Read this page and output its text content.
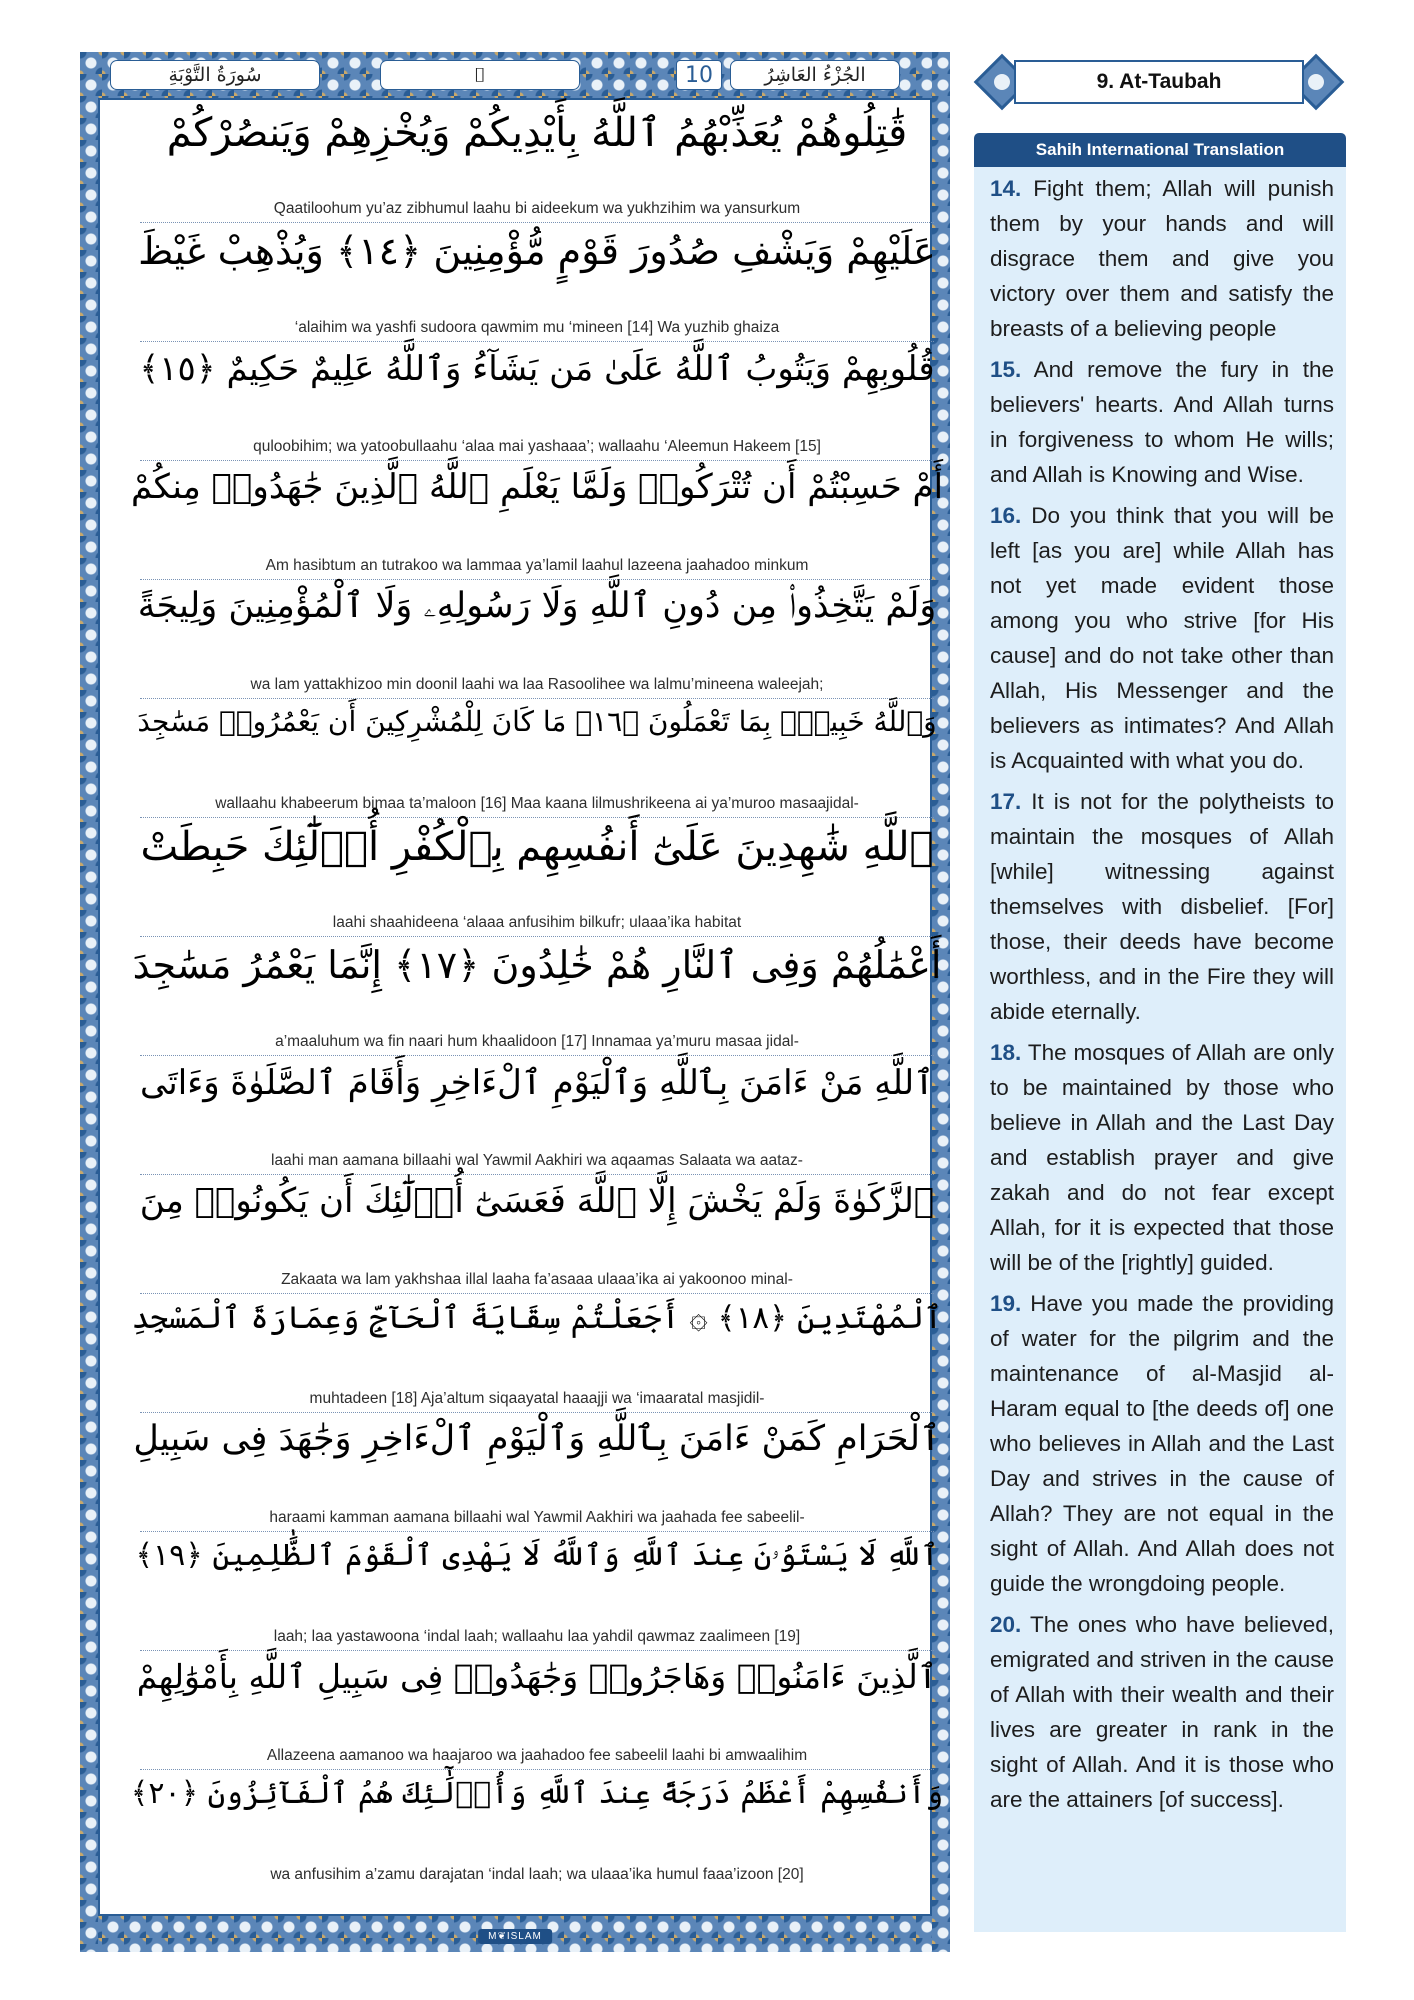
سُورَةُ التَّوْبَةِ	⌷	10	الجُزْءُ العَاشِرُ
قَٰتِلُوهُمْ يُعَذِّبْهُمُ ٱللَّهُ بِأَيْدِيكُمْ وَيُخْزِهِمْ وَيَنصُرْكُمْ
Qaatiloohum yu’az zibhumul laahu bi aideekum wa yukhzihim wa yansurkum
عَلَيْهِمْ وَيَشْفِ صُدُورَ قَوْمٍ مُّؤْمِنِينَ ﴿١٤﴾ وَيُذْهِبْ غَيْظَ
‘alaihim wa yashfi sudoora qawmim mu ‘mineen [14] Wa yuzhib ghaiza
قُلُوبِهِمْ وَيَتُوبُ ٱللَّهُ عَلَىٰ مَن يَشَآءُ وَٱللَّهُ عَلِيمٌ حَكِيمٌ ﴿١٥﴾
quloobihim; wa yatoobullaahu ‘alaa mai yashaaa’; wallaahu ‘Aleemun Hakeem [15]
أَمْ حَسِبْتُمْ أَن تُتْرَكُوا۟ وَلَمَّا يَعْلَمِ ٱللَّهُ ٱلَّذِينَ جَٰهَدُوا۟ مِنكُمْ
Am hasibtum an tutrakoo wa lammaa ya’lamil laahul lazeena jaahadoo minkum
وَلَمْ يَتَّخِذُوا۟ مِن دُونِ ٱللَّهِ وَلَا رَسُولِهِۦ وَلَا ٱلْمُؤْمِنِينَ وَلِيجَةً
wa lam yattakhizoo min doonil laahi wa laa Rasoolihee wa lalmu’mineena waleejah;
وَٱللَّهُ خَبِيرٌۢ بِمَا تَعْمَلُونَ ﴿١٦﴾ مَا كَانَ لِلْمُشْرِكِينَ أَن يَعْمُرُوا۟ مَسَٰجِدَ
wallaahu khabeerum bimaa ta’maloon [16] Maa kaana lilmushrikeena ai ya’muroo masaajidal-
ٱللَّهِ شَٰهِدِينَ عَلَىٰٓ أَنفُسِهِم بِٱلْكُفْرِ أُو۟لَٰٓئِكَ حَبِطَتْ
laahi shaahideena ‘alaaa anfusihim bilkufr; ulaaa’ika habitat
أَعْمَٰلُهُمْ وَفِى ٱلنَّارِ هُمْ خَٰلِدُونَ ﴿١٧﴾ إِنَّمَا يَعْمُرُ مَسَٰجِدَ
a’maaluhum wa fin naari hum khaalidoon [17] Innamaa ya’muru masaa jidal-
ٱللَّهِ مَنْ ءَامَنَ بِٱللَّهِ وَٱلْيَوْمِ ٱلْءَاخِرِ وَأَقَامَ ٱلصَّلَوٰةَ وَءَاتَى
laahi man aamana billaahi wal Yawmil Aakhiri wa aqaamas Salaata wa aataz-
ٱلزَّكَوٰةَ وَلَمْ يَخْشَ إِلَّا ٱللَّهَ فَعَسَىٰٓ أُو۟لَٰٓئِكَ أَن يَكُونُوا۟ مِنَ
Zakaata wa lam yakhshaa illal laaha fa’asaaa ulaaa’ika ai yakoonoo minal-
ٱلْمُهْتَدِينَ ﴿١٨﴾ ۞ أَجَعَلْتُمْ سِقَايَةَ ٱلْحَآجِّ وَعِمَارَةَ ٱلْمَسْجِدِ
muhtadeen [18] Aja’altum siqaayatal haaajji wa ‘imaaratal masjidil-
ٱلْحَرَامِ كَمَنْ ءَامَنَ بِٱللَّهِ وَٱلْيَوْمِ ٱلْءَاخِرِ وَجَٰهَدَ فِى سَبِيلِ
haraami kamman aamana billaahi wal Yawmil Aakhiri wa jaahada fee sabeelil-
ٱللَّهِ لَا يَسْتَوُۥنَ عِندَ ٱللَّهِ وَٱللَّهُ لَا يَهْدِى ٱلْقَوْمَ ٱلظَّٰلِمِينَ ﴿١٩﴾
laah; laa yastawoona ‘indal laah; wallaahu laa yahdil qawmaz zaalimeen [19]
ٱلَّذِينَ ءَامَنُوا۟ وَهَاجَرُوا۟ وَجَٰهَدُوا۟ فِى سَبِيلِ ٱللَّهِ بِأَمْوَٰلِهِمْ
Allazeena aamanoo wa haajaroo wa jaahadoo fee sabeelil laahi bi amwaalihim
وَأَنفُسِهِمْ أَعْظَمُ دَرَجَةً عِندَ ٱللَّهِ وَأُو۟لَٰٓئِكَ هُمُ ٱلْفَآئِزُونَ ﴿٢٠﴾
wa anfusihim a’zamu darajatan ‘indal laah; wa ulaaa’ika humul faaa’izoon [20]
M❦ISLAM
9. At-Taubah
Sahih International Translation

14. Fight them; Allah will punish them by your hands and will disgrace them and give you victory over them and satisfy the breasts of a believing people

15. And remove the fury in the believers' hearts. And Allah turns in forgiveness to whom He wills; and Allah is Knowing and Wise.

16. Do you think that you will be left [as you are] while Allah has not yet made evident those among you who strive [for His cause] and do not take other than Allah, His Messenger and the believers as intimates? And Allah is Acquainted with what you do.

17. It is not for the polytheists to maintain the mosques of Allah [while] witnessing against themselves with disbelief. [For] those, their deeds have become worthless, and in the Fire they will abide eternally.

18. The mosques of Allah are only to be maintained by those who believe in Allah and the Last Day and establish prayer and give zakah and do not fear except Allah, for it is expected that those will be of the [rightly] guided.

19. Have you made the providing of water for the pilgrim and the maintenance of al-Masjid al-Haram equal to [the deeds of] one who believes in Allah and the Last Day and strives in the cause of Allah? They are not equal in the sight of Allah. And Allah does not guide the wrongdoing people.

20. The ones who have believed, emigrated and striven in the cause of Allah with their wealth and their lives are greater in rank in the sight of Allah. And it is those who are the attainers [of success].
